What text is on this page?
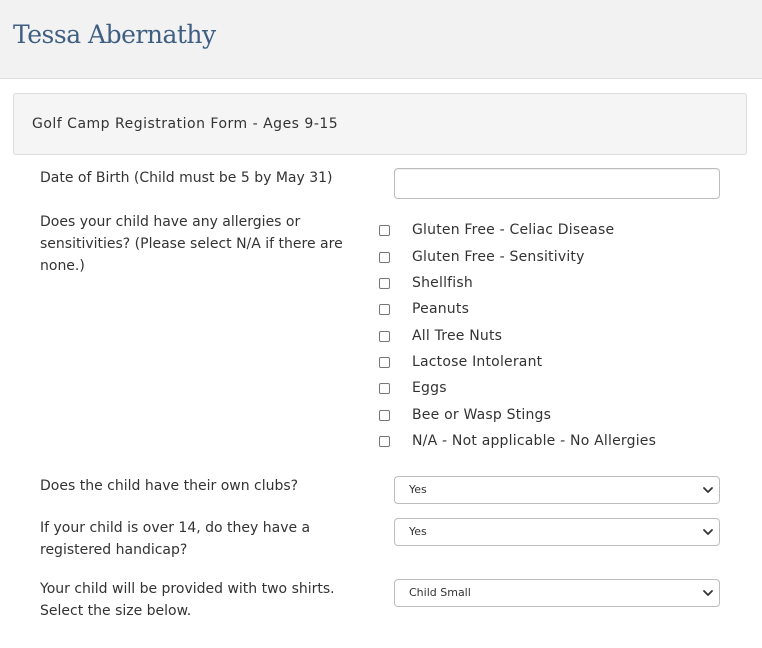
Tessa Abernathy
Golf Camp Registration Form - Ages 9-15
Date of Birth (Child must be 5 by May 31)
Does your child have any allergies or sensitivities? (Please select N/A if there are none.)
Gluten Free - Celiac Disease
Gluten Free - Sensitivity
Shellfish
Peanuts
All Tree Nuts
Lactose Intolerant
Eggs
Bee or Wasp Stings
N/A - Not applicable - No Allergies
Does the child have their own clubs?	Yes
If your child is over 14, do they have a registered handicap?
Yes
Your child will be provided with two shirts. Select the size below.
Child Small
